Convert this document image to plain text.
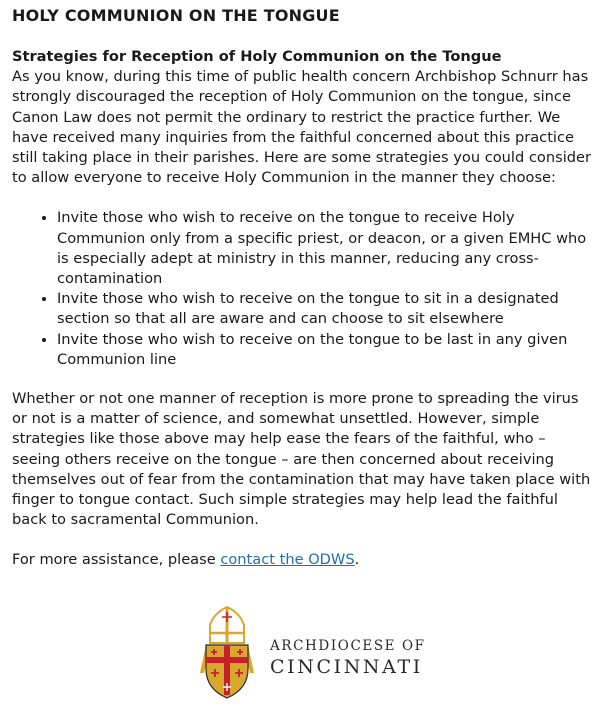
HOLY COMMUNION ON THE TONGUE

Strategies for Reception of Holy Communion on the Tongue

As you know, during this time of public health concern Archbishop Schnurr has strongly discouraged the reception of Holy Communion on the tongue, since Canon Law does not permit the ordinary to restrict the practice further. We have received many inquiries from the faithful concerned about this practice still taking place in their parishes. Here are some strategies you could consider to allow everyone to receive Holy Communion in the manner they choose:

• Invite those who wish to receive on the tongue to receive Holy Communion only from a specific priest, or deacon, or a given EMHC who is especially adept at ministry in this manner, reducing any cross-contamination
• Invite those who wish to receive on the tongue to sit in a designated section so that all are aware and can choose to sit elsewhere
• Invite those who wish to receive on the tongue to be last in any given Communion line

Whether or not one manner of reception is more prone to spreading the virus or not is a matter of science, and somewhat unsettled. However, simple strategies like those above may help ease the fears of the faithful, who – seeing others receive on the tongue – are then concerned about receiving themselves out of fear from the contamination that may have taken place with finger to tongue contact. Such simple strategies may help lead the faithful back to sacramental Communion.

For more assistance, please contact the ODWS.

ARCHDIOCESE OF
CINCINNATI
